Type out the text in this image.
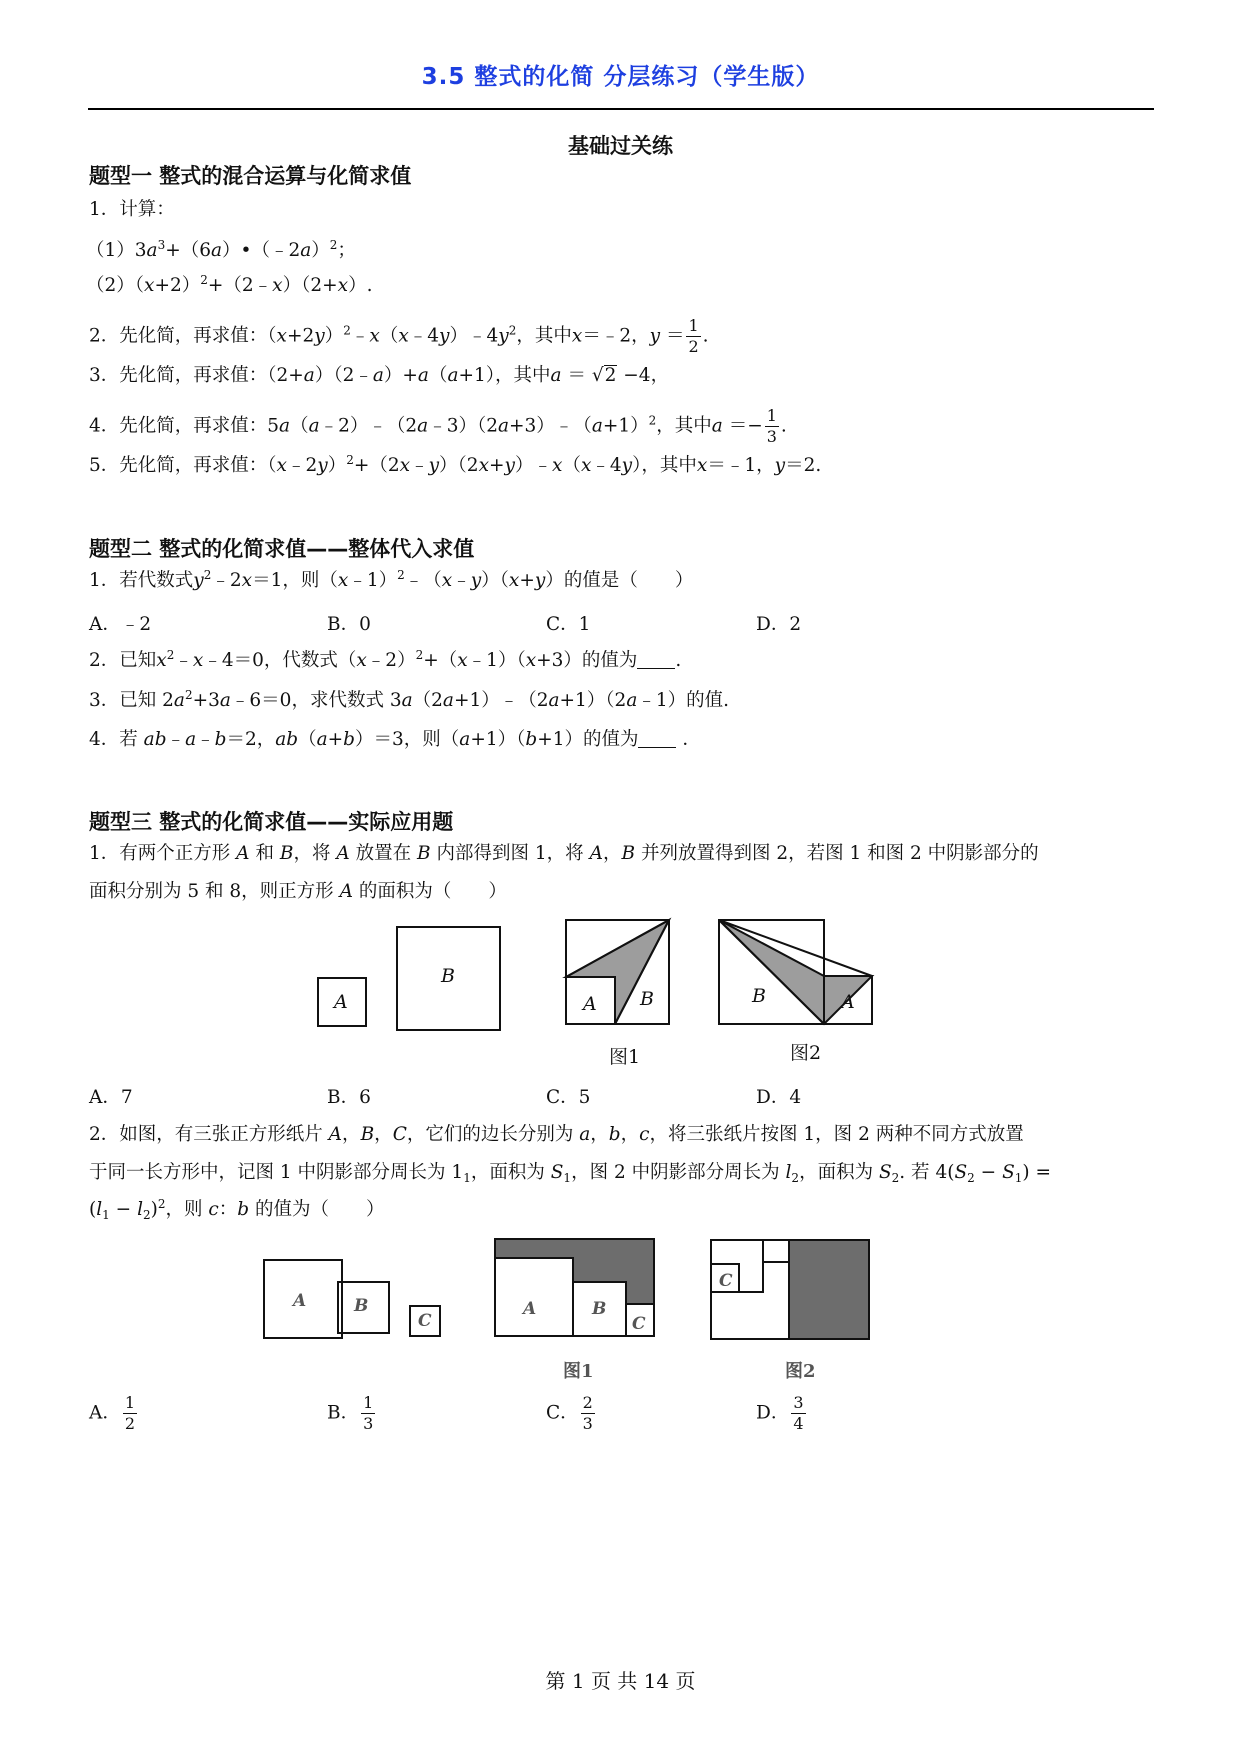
3.5 整式的化简 分层练习（学生版）
基础过关练
题型一 整式的混合运算与化简求值
1．计算：
$(1)3a^3+(6a)•(﹣2a)^2$；
$(2)(x+2)^2+(2﹣x)(2+x)$.
2．先化简，再求值：$(x+2y)^2﹣x(x﹣4y)﹣4y^2$，其中x＝﹣2，$y = \frac{1}{2}$ .
3．先化简，再求值：（2+a）（2﹣a）+a（a+1），其中a ＝ √2 −4，
4．先化简，再求值：$5a(a﹣2)﹣(2a﹣3)(2a+3)﹣(a+1)^2$，其中$a =- \frac{1}{3}$ .
5．先化简，再求值：（x﹣2y）$^2$+（2x﹣y）（2x+y）﹣x（x﹣4y），其中x＝﹣1，y＝2.
题型二 整式的化简求值——整体代入求值
1．若代数式$y^2﹣2x=1$，则（x﹣1）$^2$﹣（x﹣y）（x+y）的值是（　　）
A．﹣2	B．0	C．1	D．2
2．已知$x^2﹣x﹣4=0$，代数式（x﹣2）$^2$+（x﹣1）（x+3）的值为 .
3．已知 $2a^2+3a﹣6=0$，求代数式 3a（2a+1）﹣（2a+1）（2a﹣1）的值.
4．若 ab﹣a﹣b＝2，ab（a+b）＝3，则（a+1）（b+1）的值为 ．
题型三 整式的化简求值——实际应用题
1．有两个正方形 A 和 B，将 A 放置在 B 内部得到图 1，将 A，B 并列放置得到图 2，若图 1 和图 2 中阴影部分的
面积分别为 5 和 8，则正方形 A 的面积为（　　）
A
B
A B	B	A
图1	图2
A．7	B．6	C．5	D．4
2．如图，有三张正方形纸片 A，B，C，它们的边长分别为 a，b，c，将三张纸片按图 1，图 2 两种不同方式放置
于同一长方形中，记图 1 中阴影部分周长为 $1_1$，面积为 $S_1$，图 2 中阴影部分周长为 $l_2$，面积为 $S_2$. 若 $4(S_2 - S_1)$ =
$(l_1 - l_2)^2$，则 c：b 的值为（　　）
A	B
C
A	B
C
C
图1	图2
A． $\frac{1}{2}$	B． $\frac{1}{3}$	C． $\frac{2}{3}$	D． $\frac{3}{4}$
第 1 页 共 14 页
